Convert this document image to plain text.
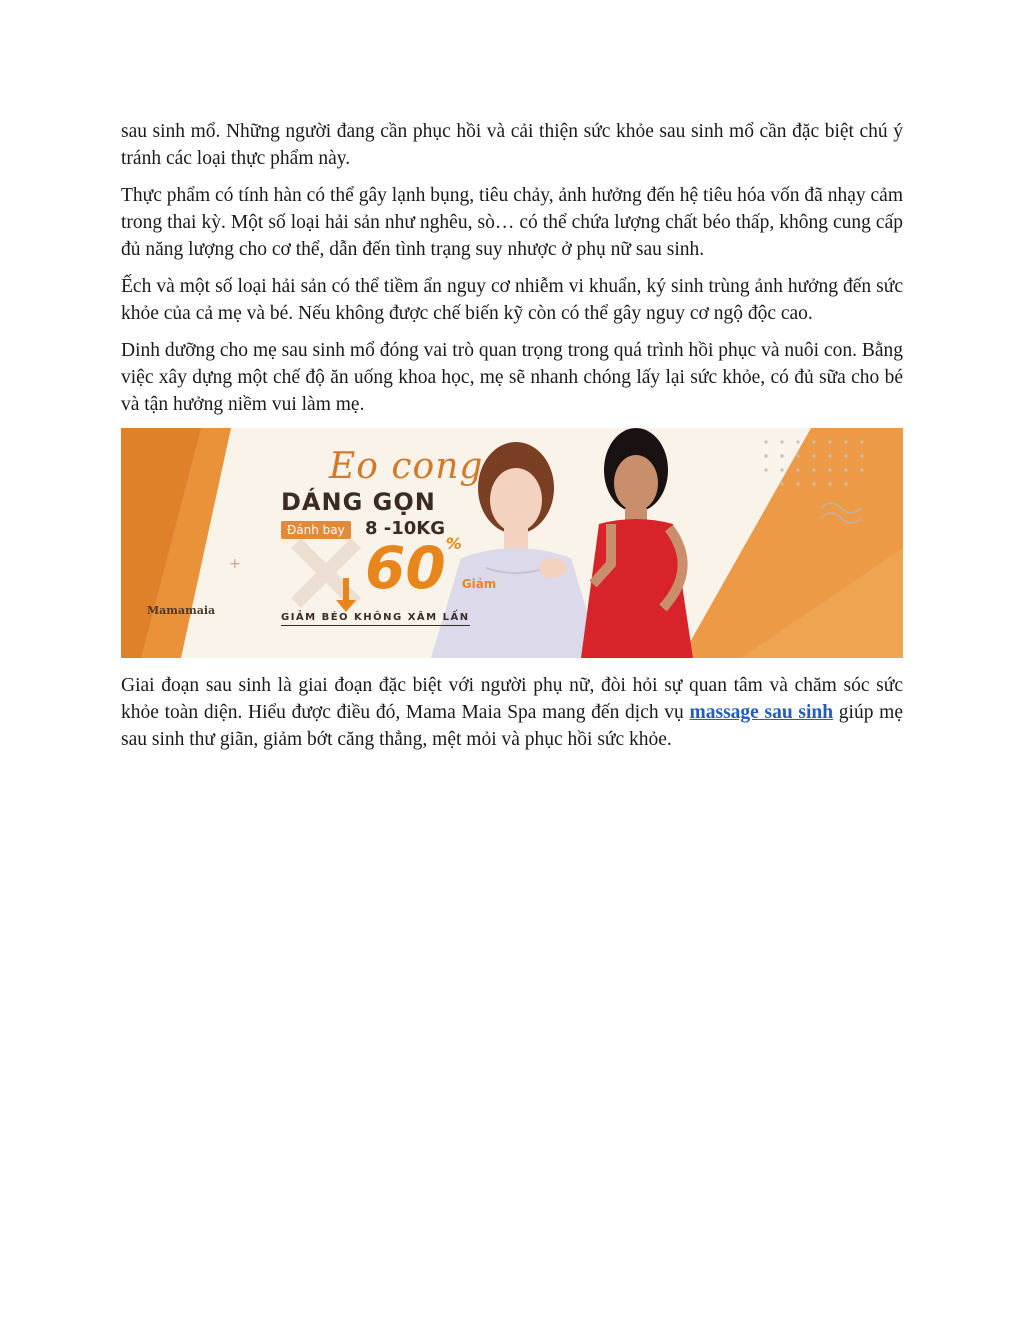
sau sinh mổ. Những người đang cần phục hồi và cải thiện sức khỏe sau sinh mổ cần đặc biệt chú ý tránh các loại thực phẩm này.

Thực phẩm có tính hàn có thể gây lạnh bụng, tiêu chảy, ảnh hưởng đến hệ tiêu hóa vốn đã nhạy cảm trong thai kỳ. Một số loại hải sản như nghêu, sò… có thể chứa lượng chất béo thấp, không cung cấp đủ năng lượng cho cơ thể, dẫn đến tình trạng suy nhược ở phụ nữ sau sinh.

Ếch và một số loại hải sản có thể tiềm ẩn nguy cơ nhiễm vi khuẩn, ký sinh trùng ảnh hưởng đến sức khỏe của cả mẹ và bé. Nếu không được chế biến kỹ còn có thể gây nguy cơ ngộ độc cao.

Dinh dưỡng cho mẹ sau sinh mổ đóng vai trò quan trọng trong quá trình hồi phục và nuôi con. Bằng việc xây dựng một chế độ ăn uống khoa học, mẹ sẽ nhanh chóng lấy lại sức khỏe, có đủ sữa cho bé và tận hưởng niềm vui làm mẹ.

+
Eo cong
DÁNG GỌN
Đánh bay	8 -10KG
60%Giảm
GIẢM BÉO KHÔNG XÂM LẤN
Mamamaia

Giai đoạn sau sinh là giai đoạn đặc biệt với người phụ nữ, đòi hỏi sự quan tâm và chăm sóc sức khỏe toàn diện. Hiểu được điều đó, Mama Maia Spa mang đến dịch vụ massage sau sinh giúp mẹ sau sinh thư giãn, giảm bớt căng thẳng, mệt mỏi và phục hồi sức khỏe.
